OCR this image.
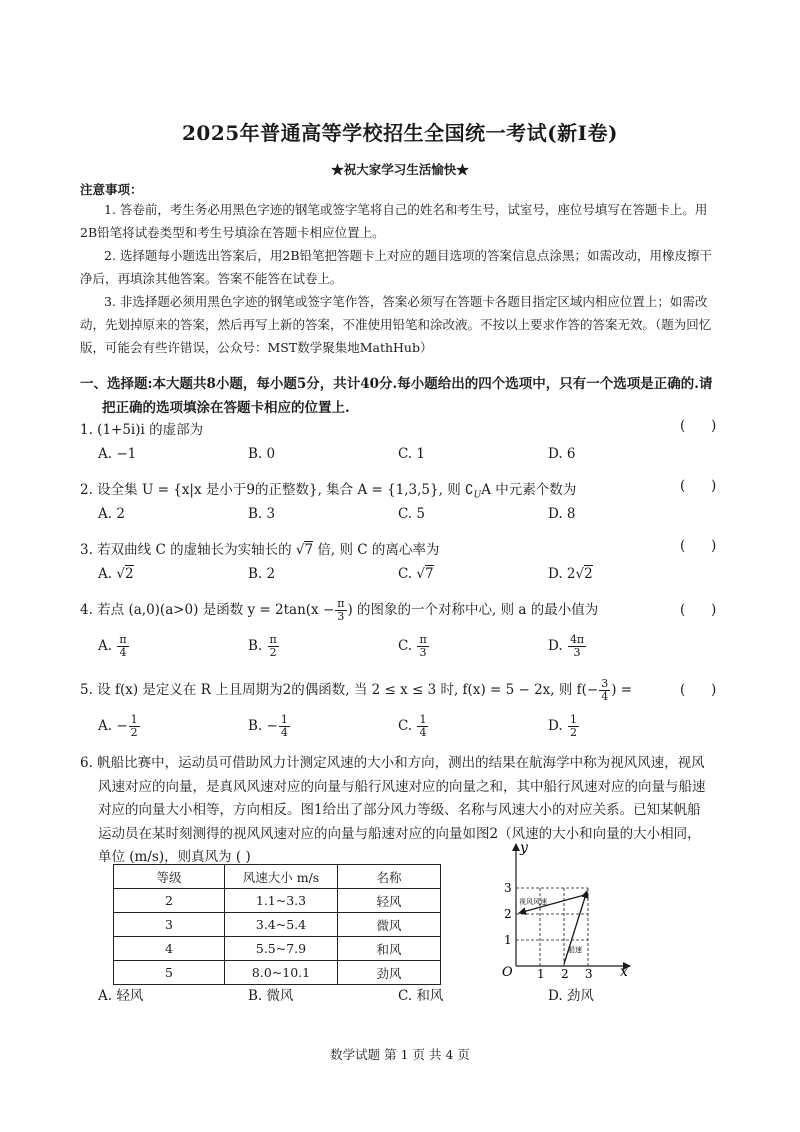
2025年普通高等学校招生全国统一考试(新I卷)
★祝大家学习生活愉快★
注意事项：

1. 答卷前，考生务必用黑色字迹的钢笔或签字笔将自己的姓名和考生号，试室号，座位号填写在答题卡上。用2B铅笔将试卷类型和考生号填涂在答题卡相应位置上。

2. 选择题每小题选出答案后，用2B铅笔把答题卡上对应的题目选项的答案信息点涂黑；如需改动，用橡皮擦干净后，再填涂其他答案。答案不能答在试卷上。

3. 非选择题必须用黑色字迹的钢笔或签字笔作答，答案必须写在答题卡各题目指定区域内相应位置上；如需改动，先划掉原来的答案，然后再写上新的答案，不准使用铅笔和涂改液。不按以上要求作答的答案无效。（题为回忆版，可能会有些许错误，公众号：MST数学聚集地MathHub）

一、选择题:本大题共8小题，每小题5分，共计40分.每小题给出的四个选项中，只有一个选项是正确的.请
把正确的选项填涂在答题卡相应的位置上.
1. (1+5i)i 的虚部为	(      )
A. −1	B. 0	C. 1	D. 6
2. 设全集 U = {x|x 是小于9的正整数}, 集合 A = {1,3,5}, 则 $∁_UA$ 中元素个数为	(      )
A. 2	B. 3	C. 5	D. 8
3. 若双曲线 C 的虚轴长为实轴长的 √7 倍, 则 C 的离心率为	(      )
A. √2	B. 2	C. √7	D. 2√2
4. 若点 (a,0)(a>0) 是函数 $y = 2\tan(x - \frac{\pi}{3}$ ) 的图象的一个对称中心, 则 a 的最小值为	(      )
A. $\frac{\pi}{4}$	B. $\frac{\pi}{2}$	C. $\frac{\pi}{3}$	D. $\frac{4\pi}{3}$
5. 设 f(x) 是定义在 R 上且周期为2的偶函数, 当 2 ≤ x ≤ 3 时, f(x) = 5 − 2x, 则 $f(- \frac{3}{4}$ ) =	(      )
A. − $\frac{1}{2}$	B. − $\frac{1}{4}$	C. $\frac{1}{4}$	D. $\frac{1}{2}$
6. 帆船比赛中，运动员可借助风力计测定风速的大小和方向，测出的结果在航海学中称为视风风速，视风
风速对应的向量，是真风风速对应的向量与船行风速对应的向量之和，其中船行风速对应的向量与船速
对应的向量大小相等，方向相反。图1给出了部分风力等级、名称与风速大小的对应关系。已知某帆船
运动员在某时刻测得的视风风速对应的向量与船速对应的向量如图2（风速的大小和向量的大小相同，
单位 (m/s)，则真风为 ( )
等级	风速大小 m/s	名称
2	1.1~3.3	轻风
3	3.4~5.4	微风
4	5.5~7.9	和风
5	8.0~10.1	劲风
y
x
O 1 2 3
1
2
3
视风风速
船速
A. 轻风	B. 微风	C. 和风	D. 劲风
数学试题 第 1 页 共 4 页
